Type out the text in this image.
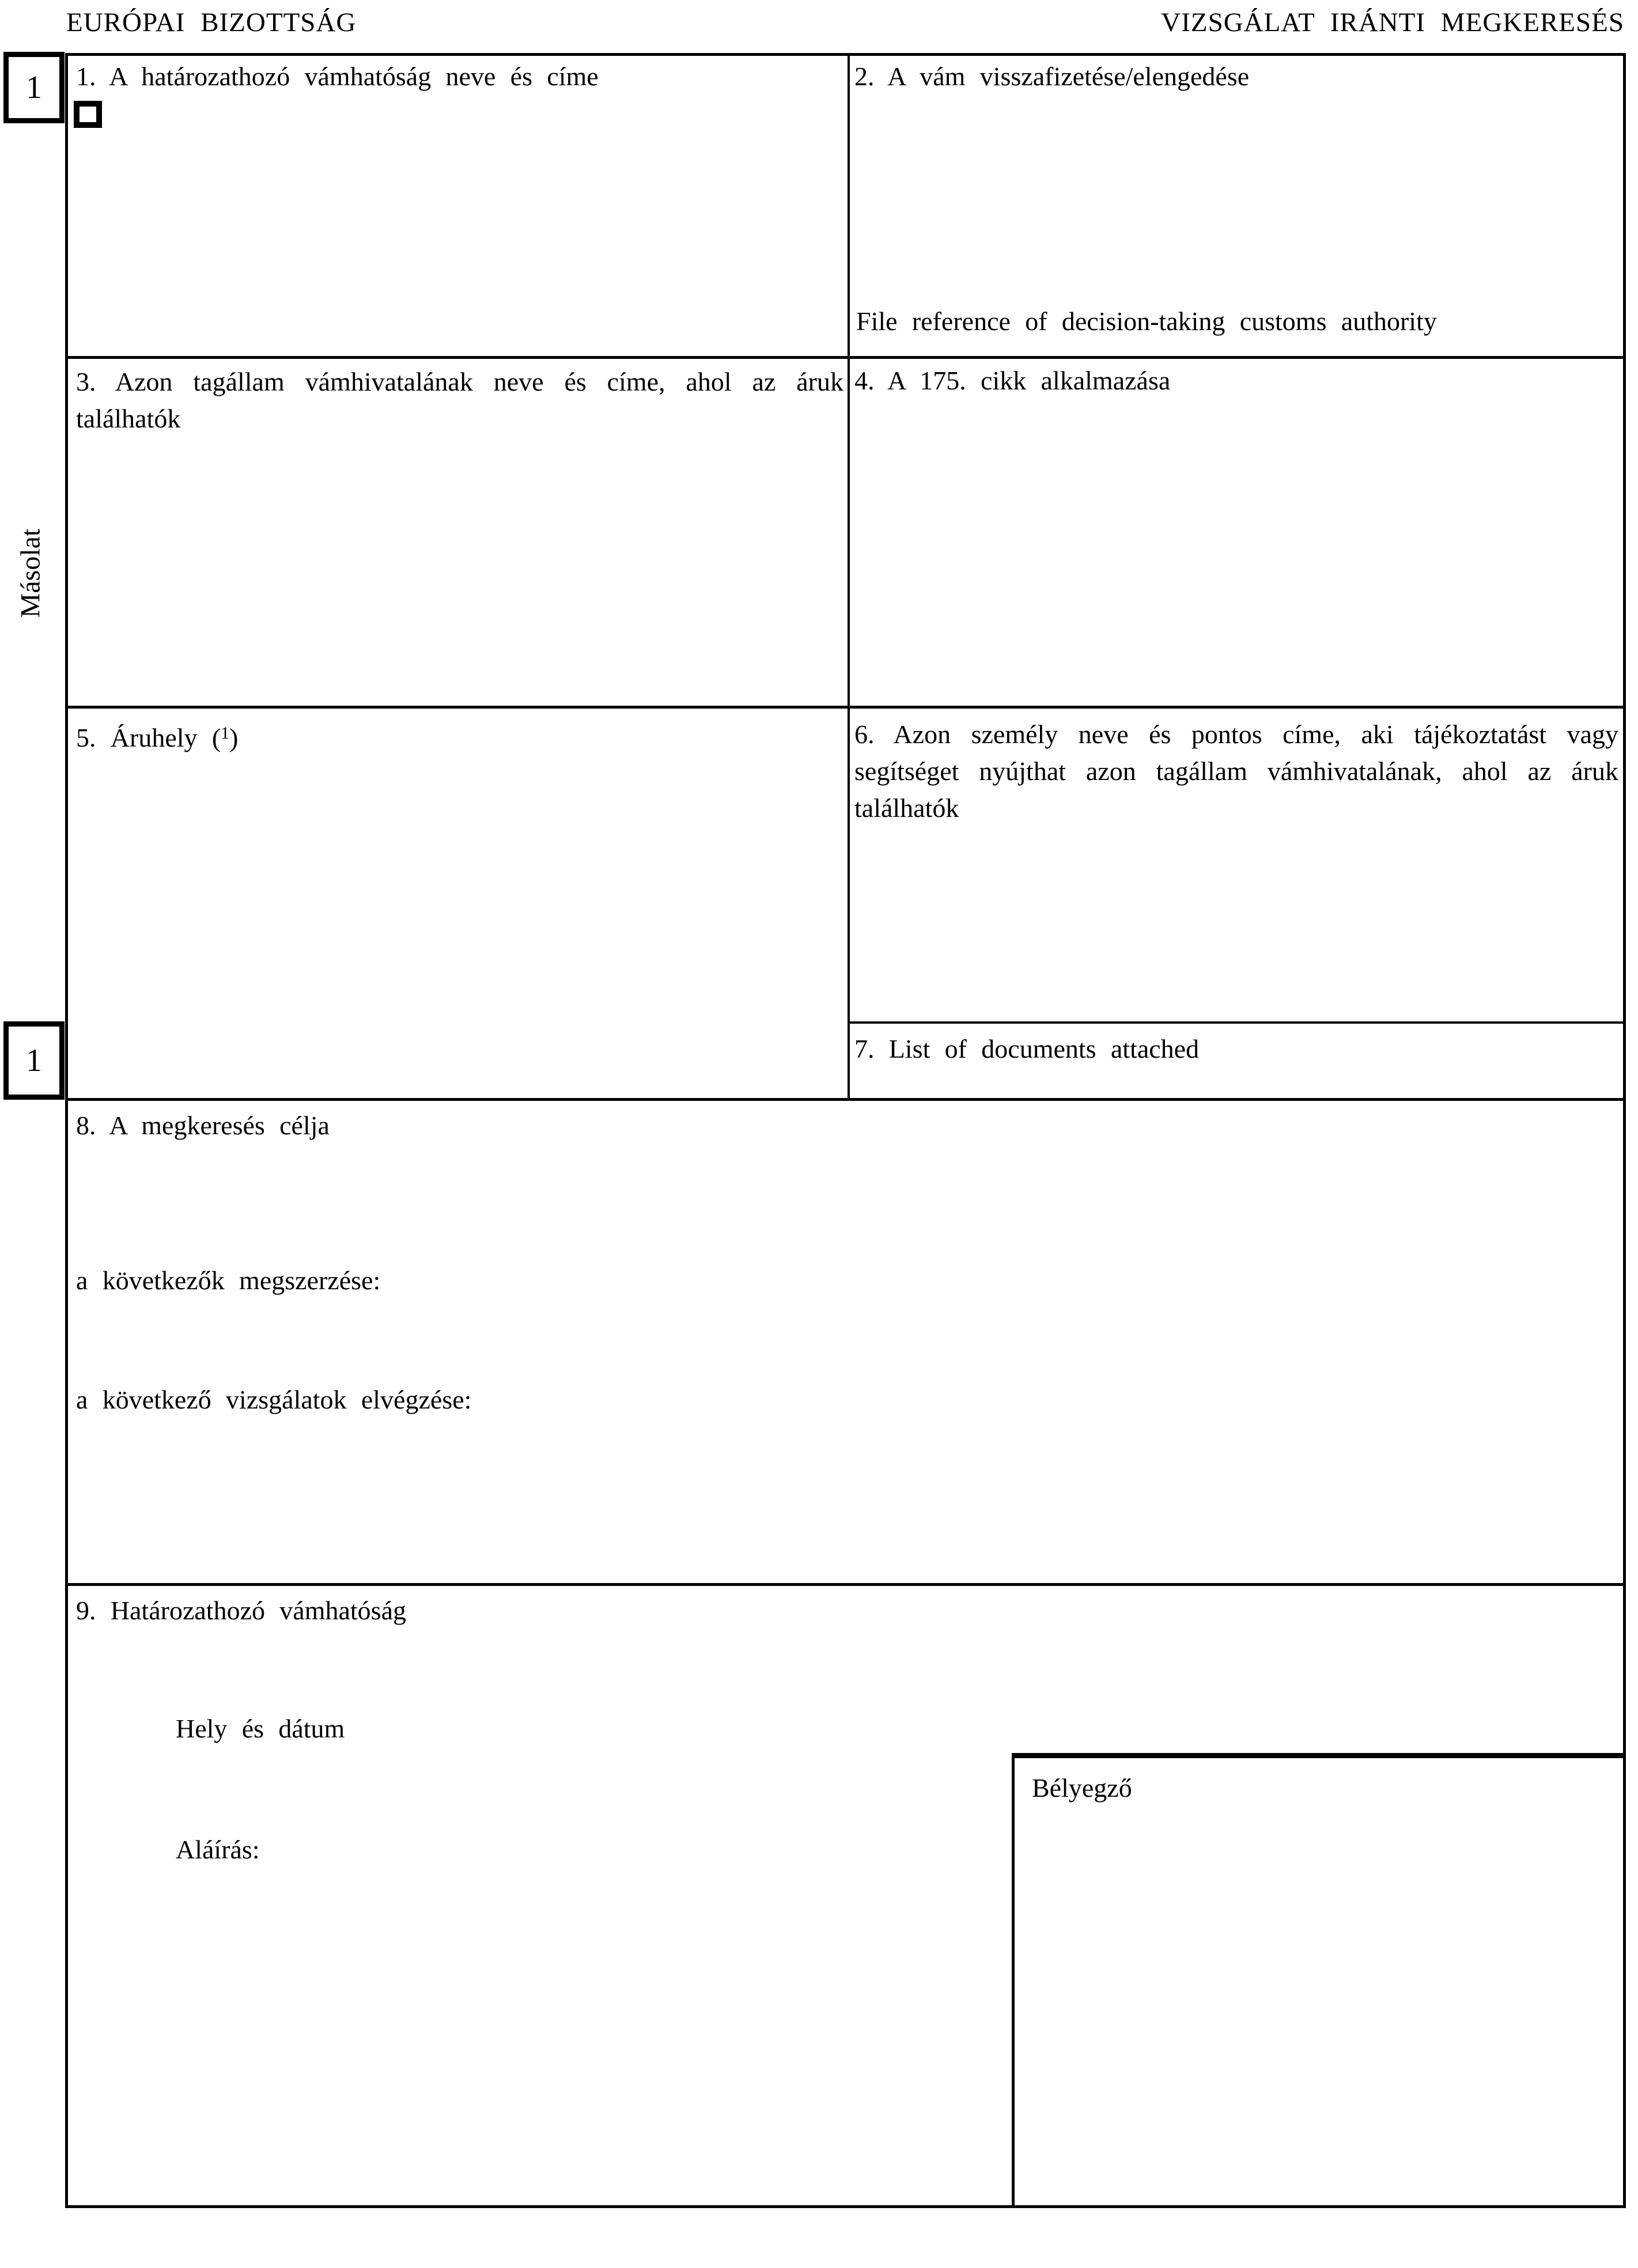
EURÓPAI BIZOTTSÁG	VIZSGÁLAT IRÁNTI MEGKERESÉS
1
1
Másolat
1. A határozathozó vámhatóság neve és címe	2. A vám visszafizetése/elengedése
File reference of decision-taking customs authority
3. Azon tagállam vámhivatalának neve és címe, ahol az áruk találhatók
4. A 175. cikk alkalmazása
5. Áruhely ($^1$)	6. Azon személy neve és pontos címe, aki tájékoztatást vagy segítséget nyújthat azon tagállam vámhivatalának, ahol az áruk találhatók
7. List of documents attached
8. A megkeresés célja
a következők megszerzése:
a következő vizsgálatok elvégzése:
9. Határozathozó vámhatóság
Hely és dátum
Aláírás:
Bélyegző
